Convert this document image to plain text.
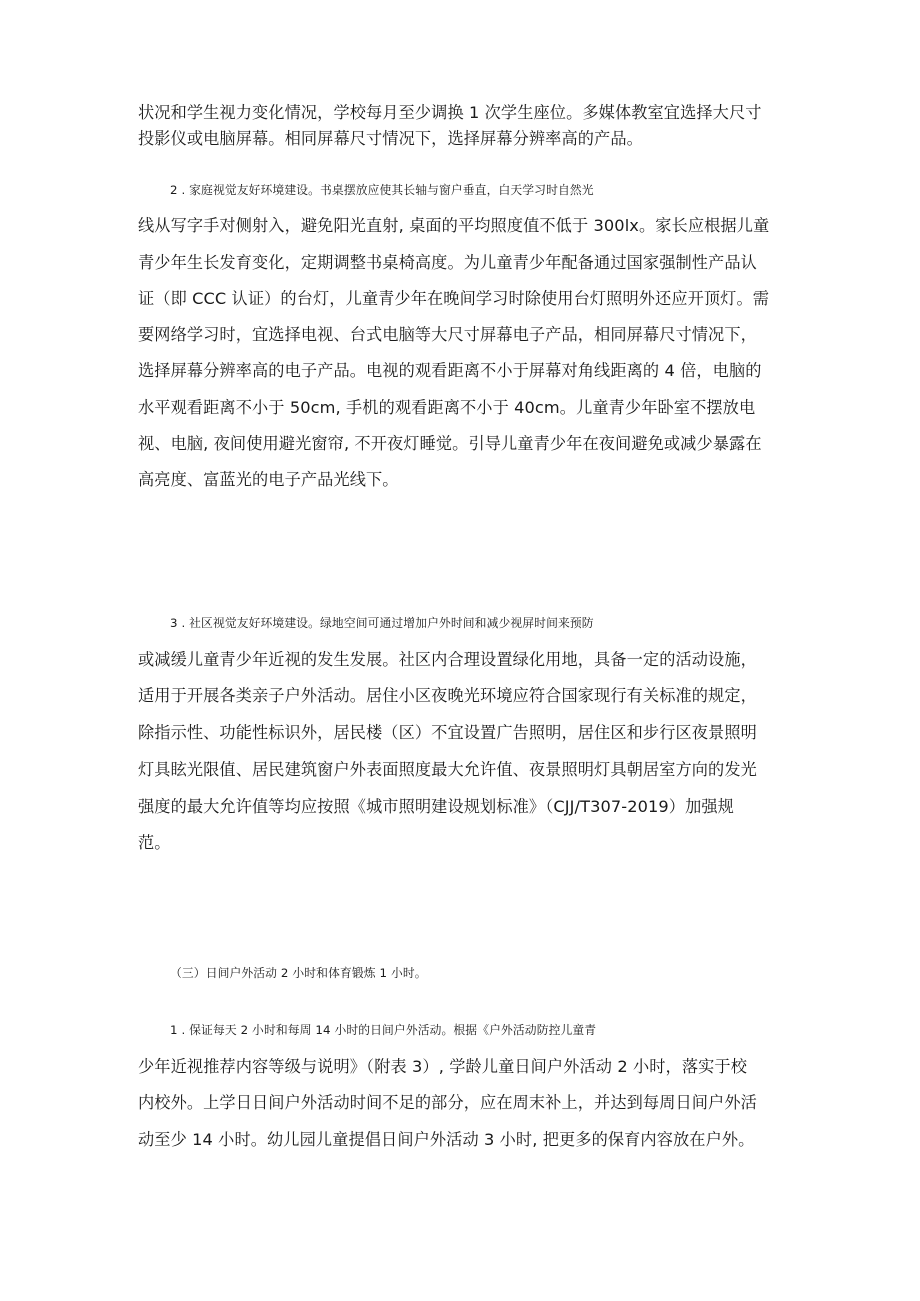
状况和学生视力变化情况，学校每月至少调换 1 次学生座位。多媒体教室宜选择大尺寸
投影仪或电脑屏幕。相同屏幕尺寸情况下，选择屏幕分辨率高的产品。
2 . 家庭视觉友好环境建设。书桌摆放应使其长轴与窗户垂直，白天学习时自然光
线从写字手对侧射入，避免阳光直射, 桌面的平均照度值不低于 300lx。家长应根据儿童
青少年生长发育变化，定期调整书桌椅高度。为儿童青少年配备通过国家强制性产品认
证（即 CCC 认证）的台灯，儿童青少年在晚间学习时除使用台灯照明外还应开顶灯。需
要网络学习时，宜选择电视、台式电脑等大尺寸屏幕电子产品，相同屏幕尺寸情况下，
选择屏幕分辨率高的电子产品。电视的观看距离不小于屏幕对角线距离的 4 倍，电脑的
水平观看距离不小于 50cm, 手机的观看距离不小于 40cm。儿童青少年卧室不摆放电
视、电脑, 夜间使用避光窗帘, 不开夜灯睡觉。引导儿童青少年在夜间避免或减少暴露在
高亮度、富蓝光的电子产品光线下。
3 . 社区视觉友好环境建设。绿地空间可通过增加户外时间和减少视屏时间来预防
或减缓儿童青少年近视的发生发展。社区内合理设置绿化用地，具备一定的活动设施，
适用于开展各类亲子户外活动。居住小区夜晚光环境应符合国家现行有关标准的规定，
除指示性、功能性标识外，居民楼（区）不宜设置广告照明，居住区和步行区夜景照明
灯具眩光限值、居民建筑窗户外表面照度最大允许值、夜景照明灯具朝居室方向的发光
强度的最大允许值等均应按照《城市照明建设规划标准》（CJJ/T307-2019）加强规
范。
（三）日间户外活动 2 小时和体育锻炼 1 小时。
1 . 保证每天 2 小时和每周 14 小时的日间户外活动。根据《户外活动防控儿童青
少年近视推荐内容等级与说明》（附表 3）, 学龄儿童日间户外活动 2 小时，落实于校
内校外。上学日日间户外活动时间不足的部分，应在周末补上，并达到每周日间户外活
动至少 14 小时。幼儿园儿童提倡日间户外活动 3 小时, 把更多的保育内容放在户外。
